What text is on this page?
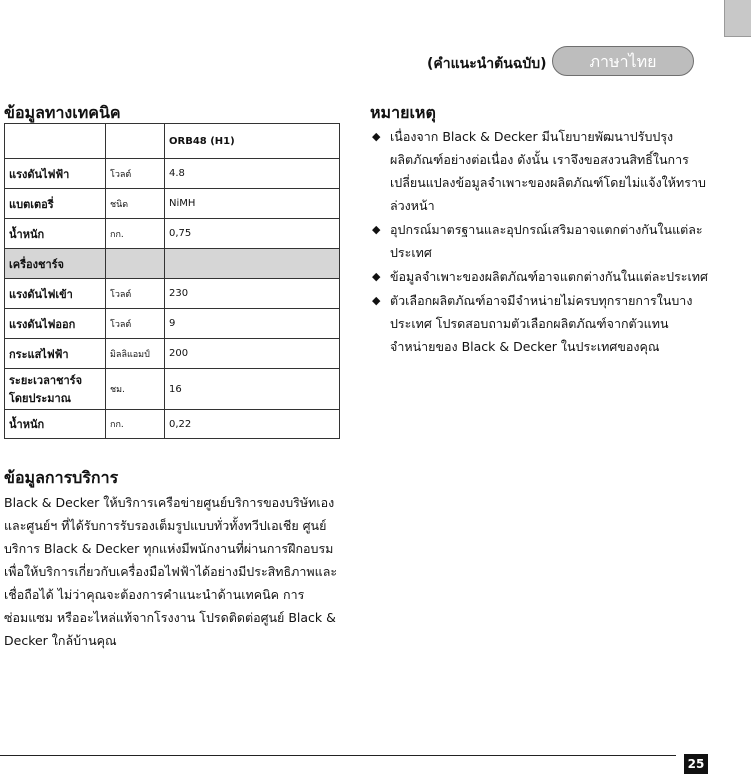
(คำแนะนำต้นฉบับ)	ภาษาไทย
ข้อมูลทางเทคนิค
		ORB48 (H1)
แรงดันไฟฟ้า	โวลต์	4.8
แบตเตอรี่	ชนิด	NiMH
น้ำหนัก	กก.	0,75
เครื่องชาร์จ		
แรงดันไฟเข้า	โวลต์	230
แรงดันไฟออก	โวลต์	9
กระแสไฟฟ้า	มิลลิแอมป์	200
ระยะเวลาชาร์จ โดยประมาณ	ชม.	16
น้ำหนัก	กก.	0,22
หมายเหตุ
◆ เนื่องจาก Black & Decker มีนโยบายพัฒนาปรับปรุงผลิตภัณฑ์อย่างต่อเนื่อง ดังนั้น เราจึงขอสงวนสิทธิ์ในการเปลี่ยนแปลงข้อมูลจำเพาะของผลิตภัณฑ์โดยไม่แจ้งให้ทราบล่วงหน้า
◆ อุปกรณ์มาตรฐานและอุปกรณ์เสริมอาจแตกต่างกันในแต่ละประเทศ
◆ ข้อมูลจำเพาะของผลิตภัณฑ์อาจแตกต่างกันในแต่ละประเทศ
◆ ตัวเลือกผลิตภัณฑ์อาจมีจำหน่ายไม่ครบทุกรายการในบางประเทศ โปรดสอบถามตัวเลือกผลิตภัณฑ์จากตัวแทนจำหน่ายของ Black & Decker ในประเทศของคุณ
ข้อมูลการบริการ

Black & Decker ให้บริการเครือข่ายศูนย์บริการของบริษัทเองและศูนย์ฯ ที่ได้รับการรับรองเต็มรูปแบบทั่วทั้งทวีปเอเชีย ศูนย์บริการ Black & Decker ทุกแห่งมีพนักงานที่ผ่านการฝึกอบรมเพื่อให้บริการเกี่ยวกับเครื่องมือไฟฟ้าได้อย่างมีประสิทธิภาพและเชื่อถือได้ ไม่ว่าคุณจะต้องการคำแนะนำด้านเทคนิค การซ่อมแซม หรืออะไหล่แท้จากโรงงาน โปรดติดต่อศูนย์ Black & Decker ใกล้บ้านคุณ

25
